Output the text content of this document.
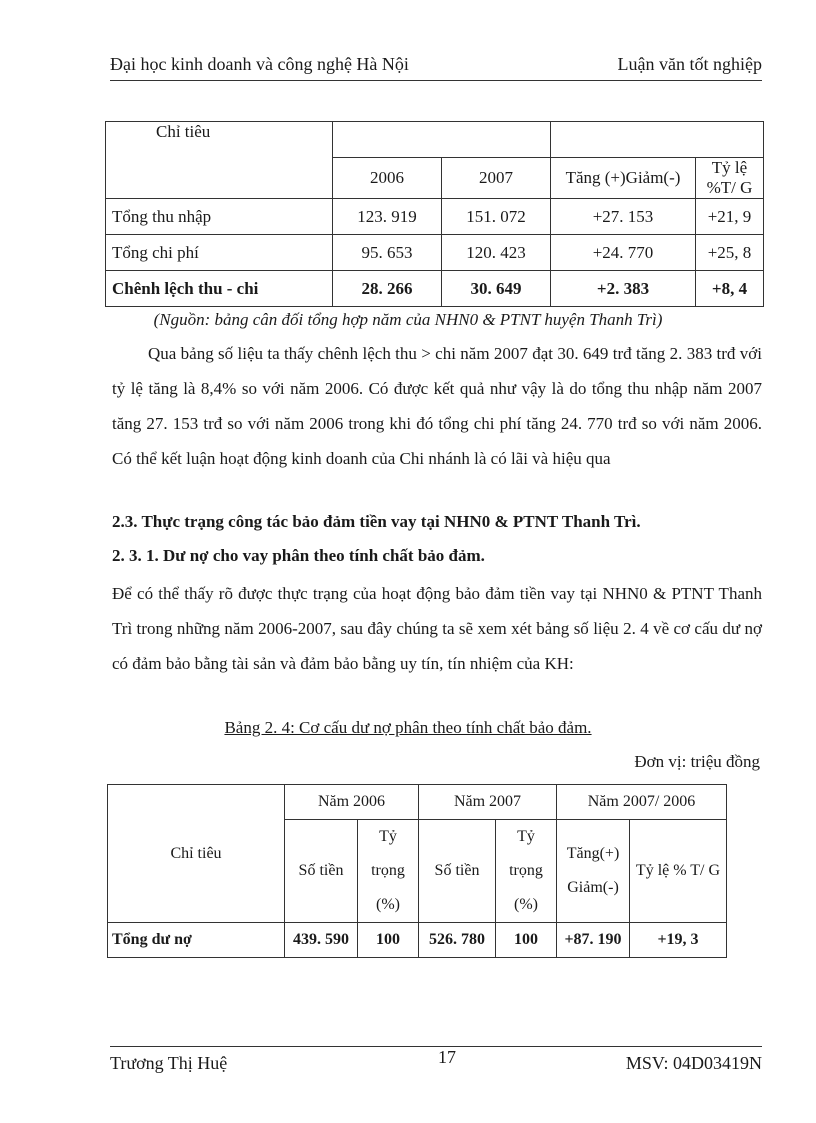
Đại học kinh doanh và công nghệ Hà Nội	Luận văn tốt nghiệp
Chỉ tiêu				
	2006	2007	Tăng (+)Giảm(-)	Tỷ lệ %T/ G
Tổng thu nhập	123. 919	151. 072	+27. 153	+21, 9
Tổng chi phí	95. 653	120. 423	+24. 770	+25, 8
Chênh lệch thu - chi	28. 266	30. 649	+2. 383	+8, 4
(Nguồn: bảng cân đối tổng hợp năm của NHN0 & PTNT huyện Thanh Trì)

Qua bảng số liệu ta thấy chênh lệch thu > chi năm 2007 đạt 30. 649 trđ tăng 2. 383 trđ với tỷ lệ tăng là 8,4% so với năm 2006. Có được kết quả như vậy là do tổng thu nhập năm 2007 tăng 27. 153 trđ so với năm 2006 trong khi đó tổng chi phí tăng 24. 770 trđ so với năm 2006. Có thể kết luận hoạt động kinh doanh của Chi nhánh là có lãi và hiệu qua

2.3. Thực trạng công tác bảo đảm tiền vay tại NHN0 & PTNT Thanh Trì.
2. 3. 1. Dư nợ cho vay phân theo tính chất bảo đảm.

Để có thể thấy rõ được thực trạng của hoạt động bảo đảm tiền vay tại NHN0 & PTNT Thanh Trì trong những năm 2006-2007, sau đây chúng ta sẽ xem xét bảng số liệu 2. 4 về cơ cấu dư nợ có đảm bảo bằng tài sản và đảm bảo bằng uy tín, tín nhiệm của KH:

Bảng 2. 4: Cơ cấu dư nợ phân theo tính chất bảo đảm.
Đơn vị: triệu đồng
Chỉ tiêu	Năm 2006		Năm 2007		Năm 2007/ 2006	
	Số tiền	Tỷ trọng (%)	Số tiền	Tỷ trọng (%)	Tăng(+) Giảm(-)	Tỷ lệ % T/ G
Tổng dư nợ	439. 590	100	526. 780	100	+87. 190	+19, 3
Trương Thị Huệ	17	MSV: 04D03419N
